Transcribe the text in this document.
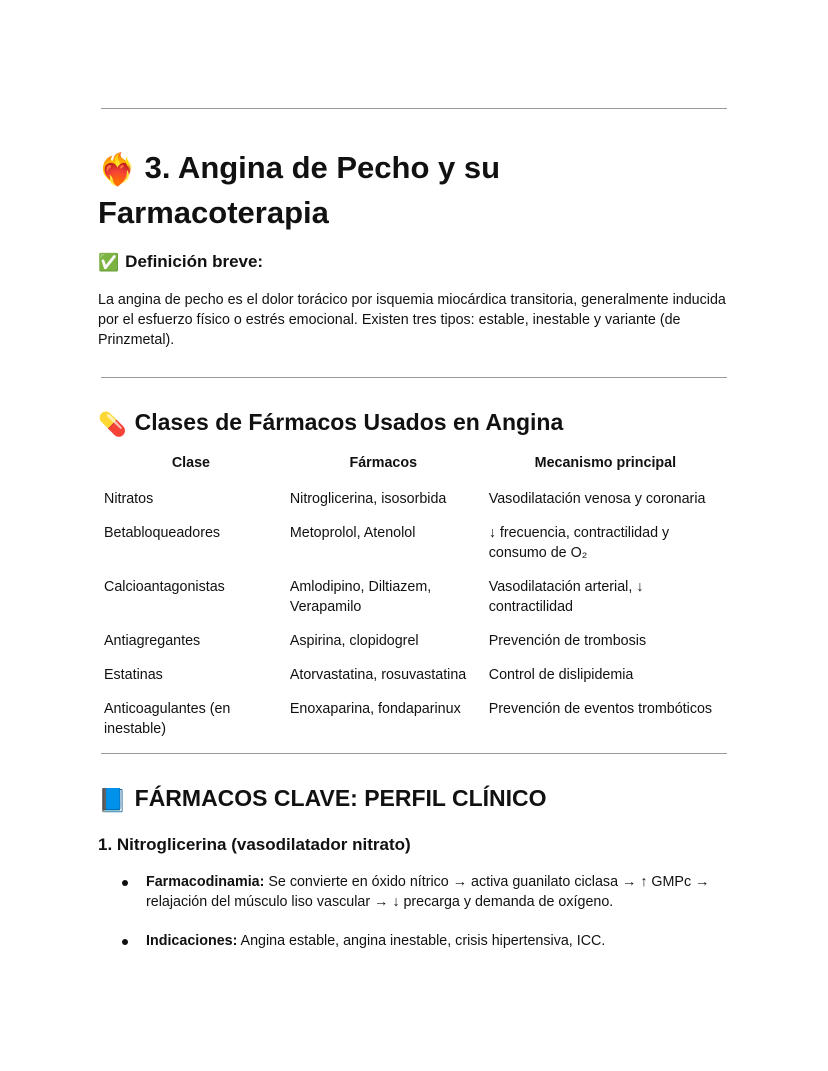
❤️‍🔥 3. Angina de Pecho y su Farmacoterapia
✅ Definición breve:

La angina de pecho es el dolor torácico por isquemia miocárdica transitoria, generalmente inducida por el esfuerzo físico o estrés emocional. Existen tres tipos: estable, inestable y variante (de Prinzmetal).

💊 Clases de Fármacos Usados en Angina
Clase	Fármacos	Mecanismo principal
Nitratos	Nitroglicerina, isosorbida	Vasodilatación venosa y coronaria
Betabloqueadores	Metoprolol, Atenolol	↓ frecuencia, contractilidad y consumo de O₂
Calcioantagonistas	Amlodipino, Diltiazem, Verapamilo	Vasodilatación arterial, ↓ contractilidad
Antiagregantes	Aspirina, clopidogrel	Prevención de trombosis
Estatinas	Atorvastatina, rosuvastatina	Control de dislipidemia
Anticoagulantes (en inestable)	Enoxaparina, fondaparinux	Prevención de eventos trombóticos
📘 FÁRMACOS CLAVE: PERFIL CLÍNICO
1. Nitroglicerina (vasodilatador nitrato)
Farmacodinamia: Se convierte en óxido nítrico → activa guanilato ciclasa → ↑ GMPc → relajación del músculo liso vascular → ↓ precarga y demanda de oxígeno.
Indicaciones: Angina estable, angina inestable, crisis hipertensiva, ICC.
